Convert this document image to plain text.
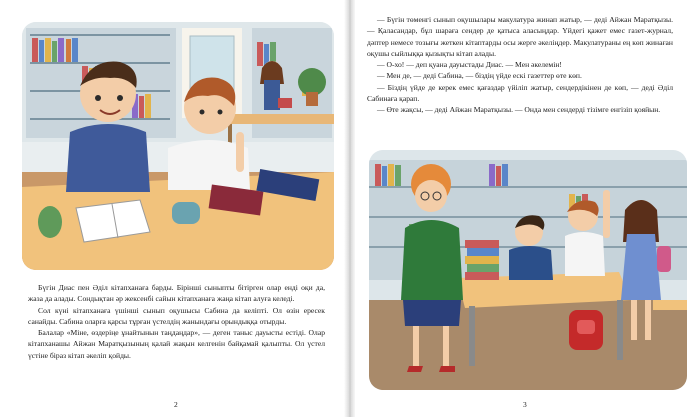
Бүгін Диас пен Әділ кітапханаға барды. Бірінші сыныпты бітірген олар енді оқи да, жаза да алады. Сондықтан әр жексенбі сайын кітапханаға жаңа кітап алуға келеді.

Сол күні кітапханаға үшінші сынып оқушысы Сабина да келіпті. Ол өзін ересек санайды. Сабина оларға қарсы тұрған үстелдің жанындағы орындыққа отырды.

Балалар «Міне, өздеріңе ұнайтынын таңдаңдар», — деген таныс дауысты естіді. Олар кітапханашы Айжан Маратқызының қалай жақын келгенін байқамай қалыпты. Ол үстел үстіне біраз кітап әкеліп қойды.

2

— Бүгін төменгі сынып оқушылары макулатура жинап жатыр, — деді Айжан Маратқызы. — Қаласандар, бұл шараға сендер де қатыса аласыңдар. Үйдегі қажет емес газет-журнал, дәптер немесе тозығы жеткен кітаптарды осы жерге әкеліңдер. Макулатураны ең көп жинаған оқушы сыйлыққа қызықты кітап алады.

— О-хо! — деп қуана дауыстады Диас. — Мен әкелемін!

— Мен де, — деді Сабина, — біздің үйде ескі газеттер өте көп.

— Біздің үйде де керек емес қағаздар үйіліп жатыр, сендердікінен де көп, — деді Әділ Сабинаға қарап.

— Өте жақсы, — деді Айжан Маратқызы. — Онда мен сендерді тізімге енгізіп қояйын.

3
